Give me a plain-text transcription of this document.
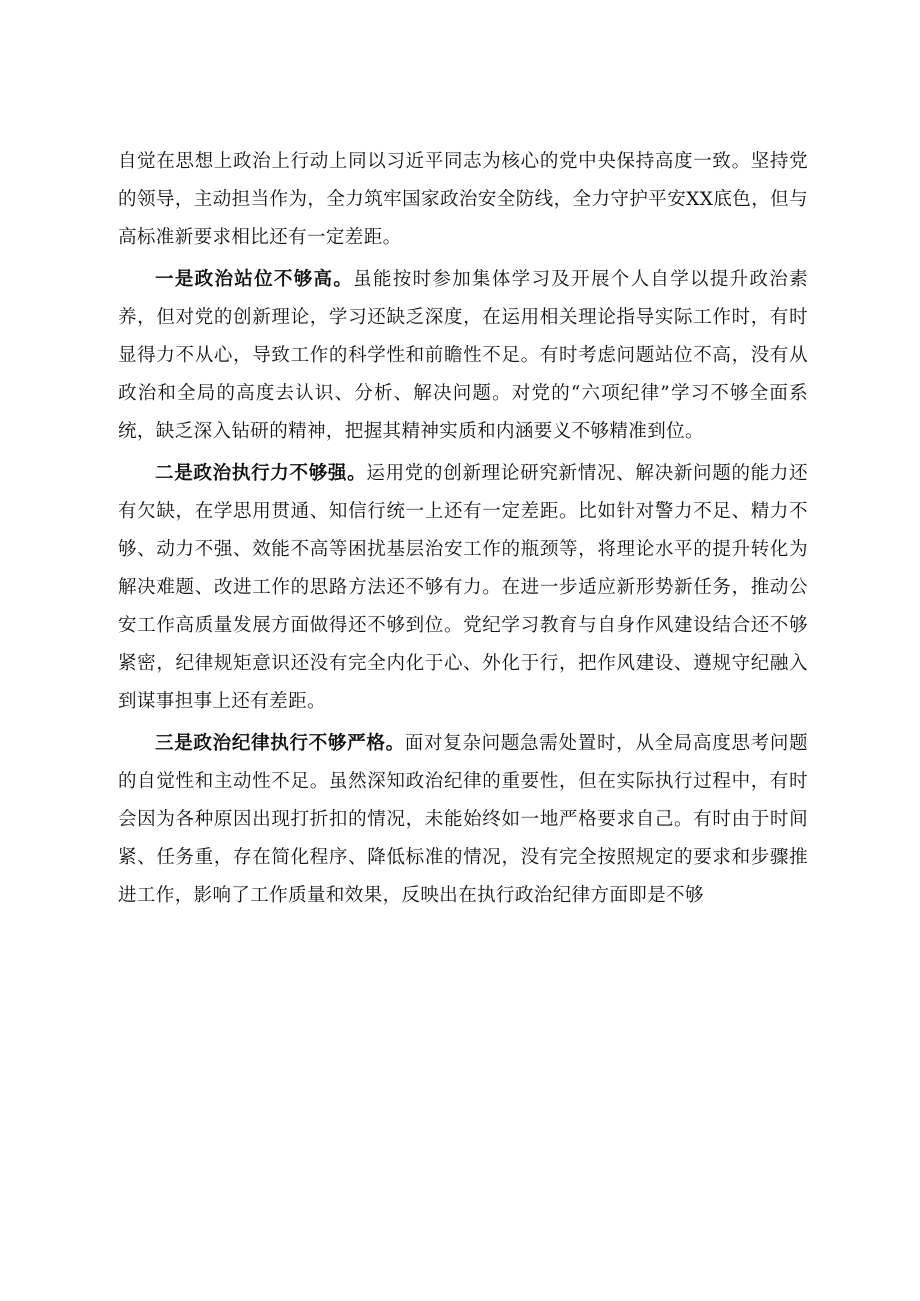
自觉在思想上政治上行动上同以习近平同志为核心的党中央保持高度一致。坚持党的领导，主动担当作为，全力筑牢国家政治安全防线，全力守护平安XX底色，但与高标准新要求相比还有一定差距。

一是政治站位不够高。虽能按时参加集体学习及开展个人自学以提升政治素养，但对党的创新理论，学习还缺乏深度，在运用相关理论指导实际工作时，有时显得力不从心，导致工作的科学性和前瞻性不足。有时考虑问题站位不高，没有从政治和全局的高度去认识、分析、解决问题。对党的“六项纪律”学习不够全面系统，缺乏深入钻研的精神，把握其精神实质和内涵要义不够精准到位。

二是政治执行力不够强。运用党的创新理论研究新情况、解决新问题的能力还有欠缺，在学思用贯通、知信行统一上还有一定差距。比如针对警力不足、精力不够、动力不强、效能不高等困扰基层治安工作的瓶颈等，将理论水平的提升转化为解决难题、改进工作的思路方法还不够有力。在进一步适应新形势新任务，推动公安工作高质量发展方面做得还不够到位。党纪学习教育与自身作风建设结合还不够紧密，纪律规矩意识还没有完全内化于心、外化于行，把作风建设、遵规守纪融入到谋事担事上还有差距。

三是政治纪律执行不够严格。面对复杂问题急需处置时，从全局高度思考问题的自觉性和主动性不足。虽然深知政治纪律的重要性，但在实际执行过程中，有时会因为各种原因出现打折扣的情况，未能始终如一地严格要求自己。有时由于时间紧、任务重，存在简化程序、降低标准的情况，没有完全按照规定的要求和步骤推进工作，影响了工作质量和效果，反映出在执行政治纪律方面即是不够
